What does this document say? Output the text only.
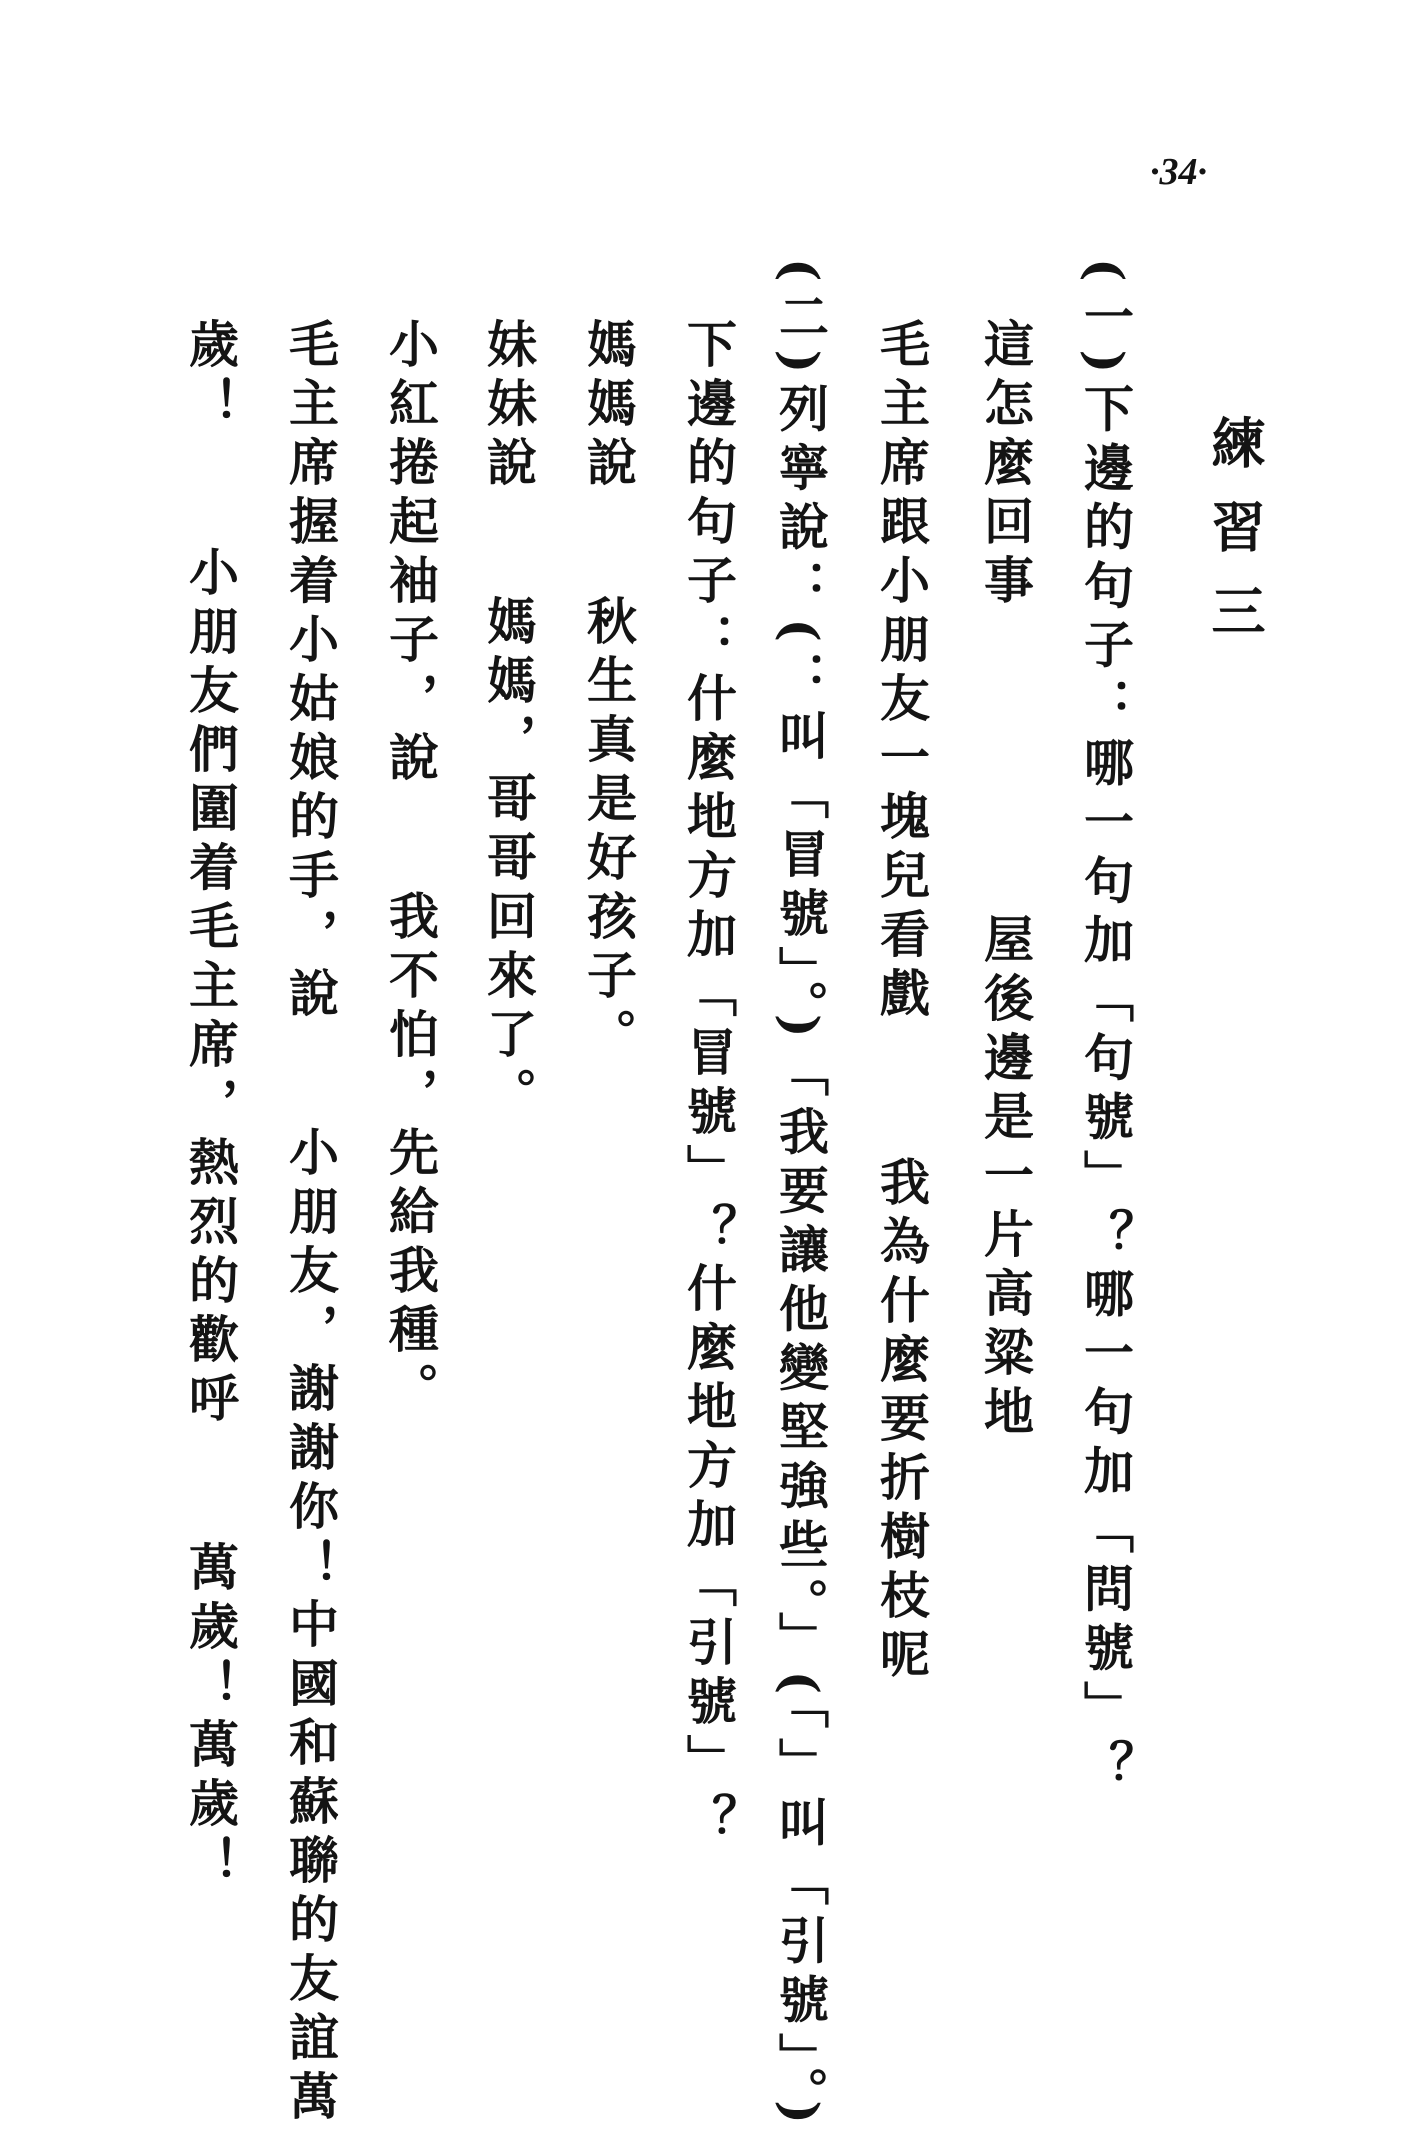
·34·
練習三
(一)下邊的句子：哪一句加「句號」？哪一句加「問號」？
這怎麼回事屋後邊是一片高粱地
毛主席跟小朋友一塊兒看戲我為什麼要折樹枝呢
(二)列寧說：(：叫「冒號」。)「我要讓他變堅強些。」(「」叫「引號」。)
下邊的句子：什麼地方加「冒號」？什麼地方加「引號」？
媽媽說秋生真是好孩子。
妹妹說媽媽，哥哥回來了。
小紅捲起袖子，說我不怕，先給我種。
毛主席握着小姑娘的手，說小朋友，謝謝你！中國和蘇聯的友誼萬
歲！小朋友們圍着毛主席，熱烈的歡呼萬歲！萬歲！
